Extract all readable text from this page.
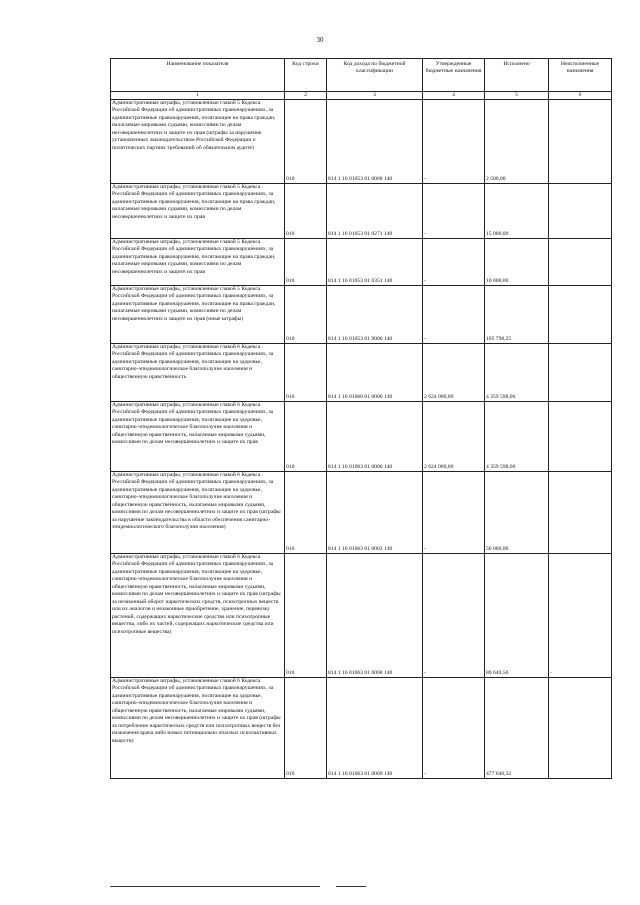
30
Наименование показателя	Код строки	Код дохода по бюджетной классификации	Утвержденные бюджетные назначения	Исполнено	Неисполненные назначения
1	2	3	4	5	6
Административные штрафы, установленные главой 5 Кодекса Российской Федерации об административных правонарушениях, за административные правонарушения, посягающие на права граждан, налагаемые мировыми судьями, комиссиями по делам несовершеннолетних и защите их прав (штрафы за нарушение установленных законодательством Российской Федерации о политических партиях требований об обязательном аудите)	010	814 1 16 01053 01 0068 140	-	2 500,00	
Административные штрафы, установленные главой 5 Кодекса Российской Федерации об административных правонарушениях, за административные правонарушения, посягающие на права граждан, налагаемые мировыми судьями, комиссиями по делам несовершеннолетних и защите их прав	010	814 1 16 01053 01 0271 140	-	15 000,00	
Административные штрафы, установленные главой 5 Кодекса Российской Федерации об административных правонарушениях, за административные правонарушения, посягающие на права граждан, налагаемые мировыми судьями, комиссиями по делам несовершеннолетних и защите их прав	010	814 1 16 01053 01 0351 140	-	10 000,00	
Административные штрафы, установленные главой 5 Кодекса Российской Федерации об административных правонарушениях, за административные правонарушения, посягающие на права граждан, налагаемые мировыми судьями, комиссиями по делам несовершеннолетних и защите их прав (иные штрафы)	010	814 1 16 01053 01 9000 140	-	105 798,25	
Административные штрафы, установленные главой 6 Кодекса Российской Федерации об административных правонарушениях, за административные правонарушения, посягающие на здоровье, санитарно-эпидемиологическое благополучие населения и общественную нравственность	010	814 1 16 01060 01 0000 140	2 624 000,00	4 359 598,06	
Административные штрафы, установленные главой 6 Кодекса Российской Федерации об административных правонарушениях, за административные правонарушения, посягающие на здоровье, санитарно-эпидемиологическое благополучие населения и общественную нравственность, налагаемые мировыми судьями, комиссиями по делам несовершеннолетних и защите их прав	010	814 1 16 01063 01 0000 140	2 624 000,00	4 359 598,06	
Административные штрафы, установленные главой 6 Кодекса Российской Федерации об административных правонарушениях, за административные правонарушения, посягающие на здоровье, санитарно-эпидемиологическое благополучие населения и общественную нравственность, налагаемые мировыми судьями, комиссиями по делам несовершеннолетних и защите их прав (штрафы за нарушение законодательства в области обеспечения санитарно-эпидемиологического благополучия населения)	010	814 1 16 01063 01 0003 140	-	50 000,00	
Административные штрафы, установленные главой 6 Кодекса Российской Федерации об административных правонарушениях, за административные правонарушения, посягающие на здоровье, санитарно-эпидемиологическое благополучие населения и общественную нравственность, налагаемые мировыми судьями, комиссиями по делам несовершеннолетних и защите их прав (штрафы за незаконный оборот наркотических средств, психотропных веществ или их аналогов и незаконные приобретение, хранение, перевозку растений, содержащих наркотические средства или психотропные вещества, либо их частей, содержащих наркотические средства или психотропные вещества)	010	814 1 16 01063 01 0008 140	-	80 640,56	-
Административные штрафы, установленные главой 6 Кодекса Российской Федерации об административных правонарушениях, за административные правонарушения, посягающие на здоровье, санитарно-эпидемиологическое благополучие населения и общественную нравственность, налагаемые мировыми судьями, комиссиями по делам несовершеннолетних и защите их прав (штрафы за потребление наркотических средств или психотропных веществ без назначения врача либо новых потенциально опасных психоактивных веществ)	010	814 1 16 01063 01 0009 140	-	477 640,32	
